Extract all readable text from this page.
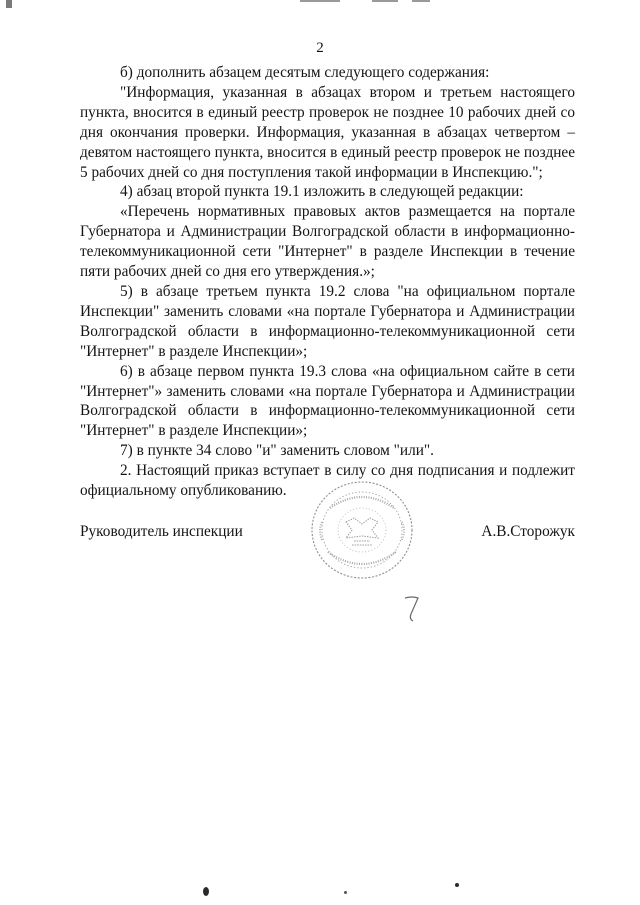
2

б) дополнить абзацем десятым следующего содержания:

"Информация, указанная в абзацах втором и третьем настоящего пункта, вносится в единый реестр проверок не позднее 10 рабочих дней со дня окончания проверки. Информация, указанная в абзацах четвертом – девятом настоящего пункта, вносится в единый реестр проверок не позднее 5 рабочих дней со дня поступления такой информации в Инспекцию.";

4) абзац второй пункта 19.1 изложить в следующей редакции:

«Перечень нормативных правовых актов размещается на портале Губернатора и Администрации Волгоградской области в информационно-телекоммуникационной сети "Интернет" в разделе Инспекции в течение пяти рабочих дней со дня его утверждения.»;

5) в абзаце третьем пункта 19.2 слова "на официальном портале Инспекции" заменить словами «на портале Губернатора и Администрации Волгоградской области в информационно-телекоммуникационной сети "Интернет" в разделе Инспекции»;

6) в абзаце первом пункта 19.3 слова «на официальном сайте в сети "Интернет"» заменить словами «на портале Губернатора и Администрации Волгоградской области в информационно-телекоммуникационной сети "Интернет" в разделе Инспекции»;

7) в пункте 34 слово "и" заменить словом "или".

2. Настоящий приказ вступает в силу со дня подписания и подлежит официальному опубликованию.

Руководитель инспекции	А.В.Сторожук
